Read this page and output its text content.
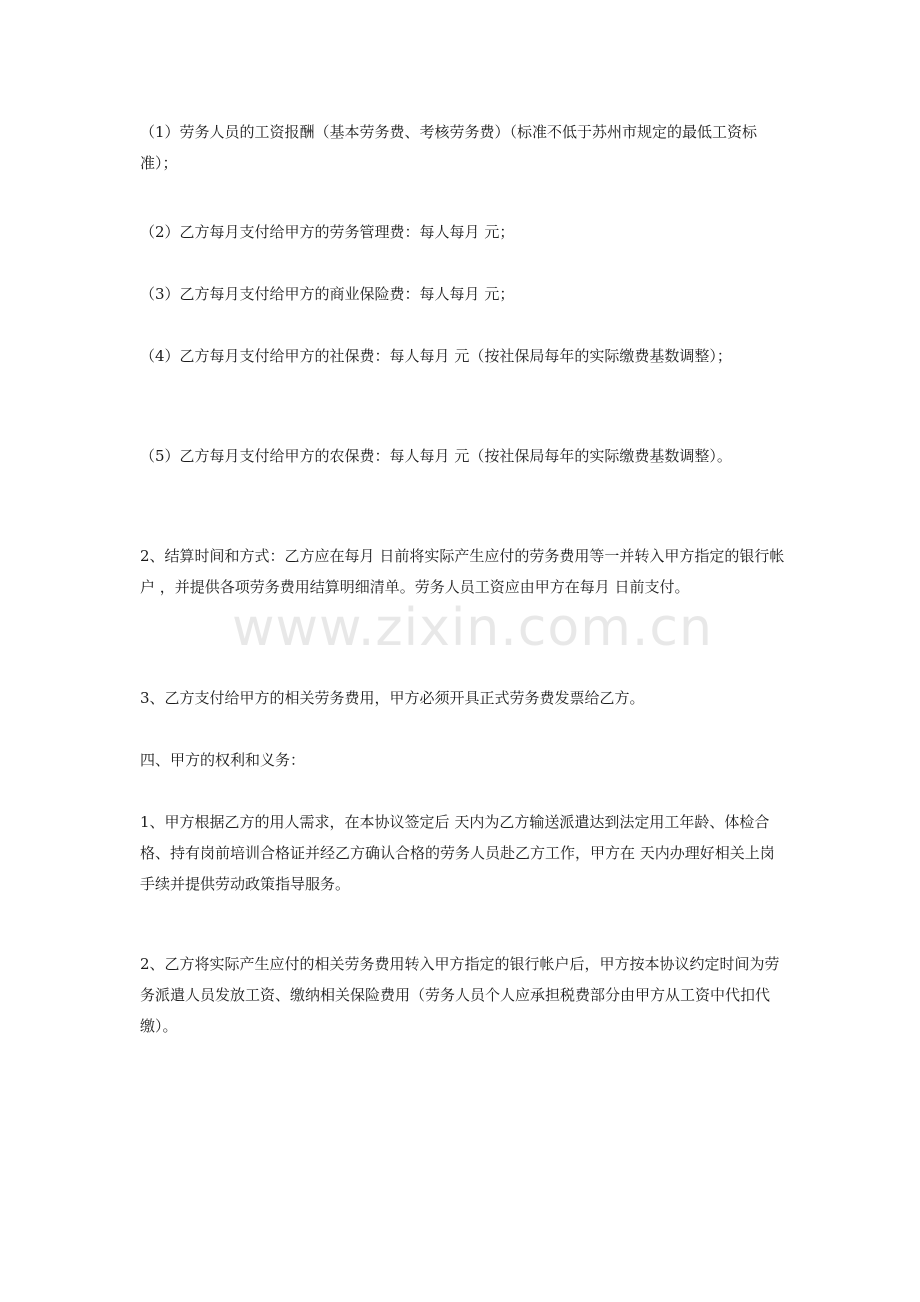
（1）劳务人员的工资报酬（基本劳务费、考核劳务费）（标准不低于苏州市规定的最低工资标准）；

（2）乙方每月支付给甲方的劳务管理费：每人每月 元；

（3）乙方每月支付给甲方的商业保险费：每人每月 元；

（4）乙方每月支付给甲方的社保费：每人每月 元（按社保局每年的实际缴费基数调整）；

（5）乙方每月支付给甲方的农保费：每人每月 元（按社保局每年的实际缴费基数调整）。

2、结算时间和方式：乙方应在每月 日前将实际产生应付的劳务费用等一并转入甲方指定的银行帐户 ，并提供各项劳务费用结算明细清单。劳务人员工资应由甲方在每月 日前支付。

3、乙方支付给甲方的相关劳务费用，甲方必须开具正式劳务费发票给乙方。

四、甲方的权利和义务：

1、甲方根据乙方的用人需求，在本协议签定后 天内为乙方输送派遣达到法定用工年龄、体检合格、持有岗前培训合格证并经乙方确认合格的劳务人员赴乙方工作，甲方在 天内办理好相关上岗手续并提供劳动政策指导服务。

2、乙方将实际产生应付的相关劳务费用转入甲方指定的银行帐户后，甲方按本协议约定时间为劳务派遣人员发放工资、缴纳相关保险费用（劳务人员个人应承担税费部分由甲方从工资中代扣代缴）。

www.zixin.com.cn
